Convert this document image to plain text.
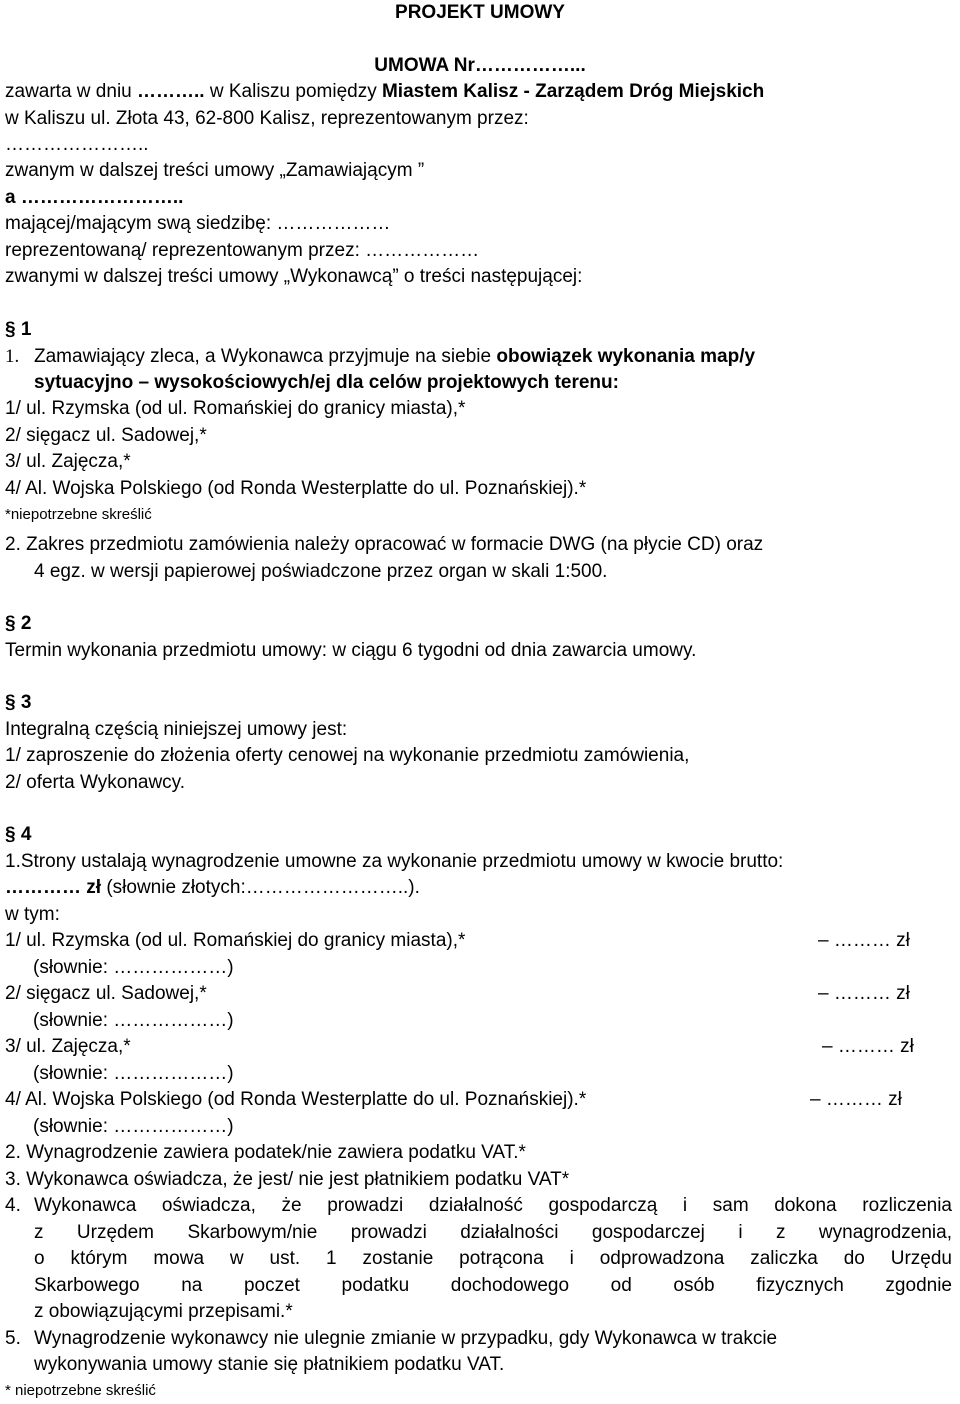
PROJEKT UMOWY
UMOWA Nr……………...
zawarta w dniu ……….. w Kaliszu pomiędzy Miastem Kalisz - Zarządem Dróg Miejskich
w Kaliszu ul. Złota 43, 62-800 Kalisz, reprezentowanym przez:
…………………..
zwanym w dalszej treści umowy „Zamawiającym ”
a ……………………..
mającej/mającym swą siedzibę: ………………
reprezentowaną/ reprezentowanym przez: ………………
zwanymi w dalszej treści umowy „Wykonawcą” o treści następującej:
§ 1
1. Zamawiający zleca, a Wykonawca przyjmuje na siebie obowiązek wykonania map/y
sytuacyjno – wysokościowych/ej dla celów projektowych terenu:
1/ ul. Rzymska (od ul. Romańskiej do granicy miasta),*
2/ sięgacz ul. Sadowej,*
3/ ul. Zajęcza,*
4/ Al. Wojska Polskiego (od Ronda Westerplatte do ul. Poznańskiej).*
*niepotrzebne skreślić
2. Zakres przedmiotu zamówienia należy opracować w formacie DWG (na płycie CD) oraz
4 egz. w wersji papierowej poświadczone przez organ w skali 1:500.
§ 2
Termin wykonania przedmiotu umowy: w ciągu 6 tygodni od dnia zawarcia umowy.
§ 3
Integralną częścią niniejszej umowy jest:
1/ zaproszenie do złożenia oferty cenowej na wykonanie przedmiotu zamówienia,
2/ oferta Wykonawcy.
§ 4
1.Strony ustalają wynagrodzenie umowne za wykonanie przedmiotu umowy w kwocie brutto:
………… zł (słownie złotych:……………………..).
w tym:
1/ ul. Rzymska (od ul. Romańskiej do granicy miasta),*	– ……… zł
(słownie: ………………)
2/ sięgacz ul. Sadowej,*	– ……… zł
(słownie: ………………)
3/ ul. Zajęcza,*	– ……… zł
(słownie: ………………)
4/ Al. Wojska Polskiego (od Ronda Westerplatte do ul. Poznańskiej).*	– ……… zł
(słownie: ………………)
2. Wynagrodzenie zawiera podatek/nie zawiera podatku VAT.*
3. Wykonawca oświadcza, że jest/ nie jest płatnikiem podatku VAT*
4. Wykonawca oświadcza, że prowadzi działalność gospodarczą i sam dokona rozliczenia
z Urzędem Skarbowym/nie prowadzi działalności gospodarczej i z wynagrodzenia,
o którym mowa w ust. 1 zostanie potrącona i odprowadzona zaliczka do Urzędu
Skarbowego na poczet podatku dochodowego od osób fizycznych zgodnie
z obowiązującymi przepisami.*
5. Wynagrodzenie wykonawcy nie ulegnie zmianie w przypadku, gdy Wykonawca w trakcie
wykonywania umowy stanie się płatnikiem podatku VAT.
* niepotrzebne skreślić
